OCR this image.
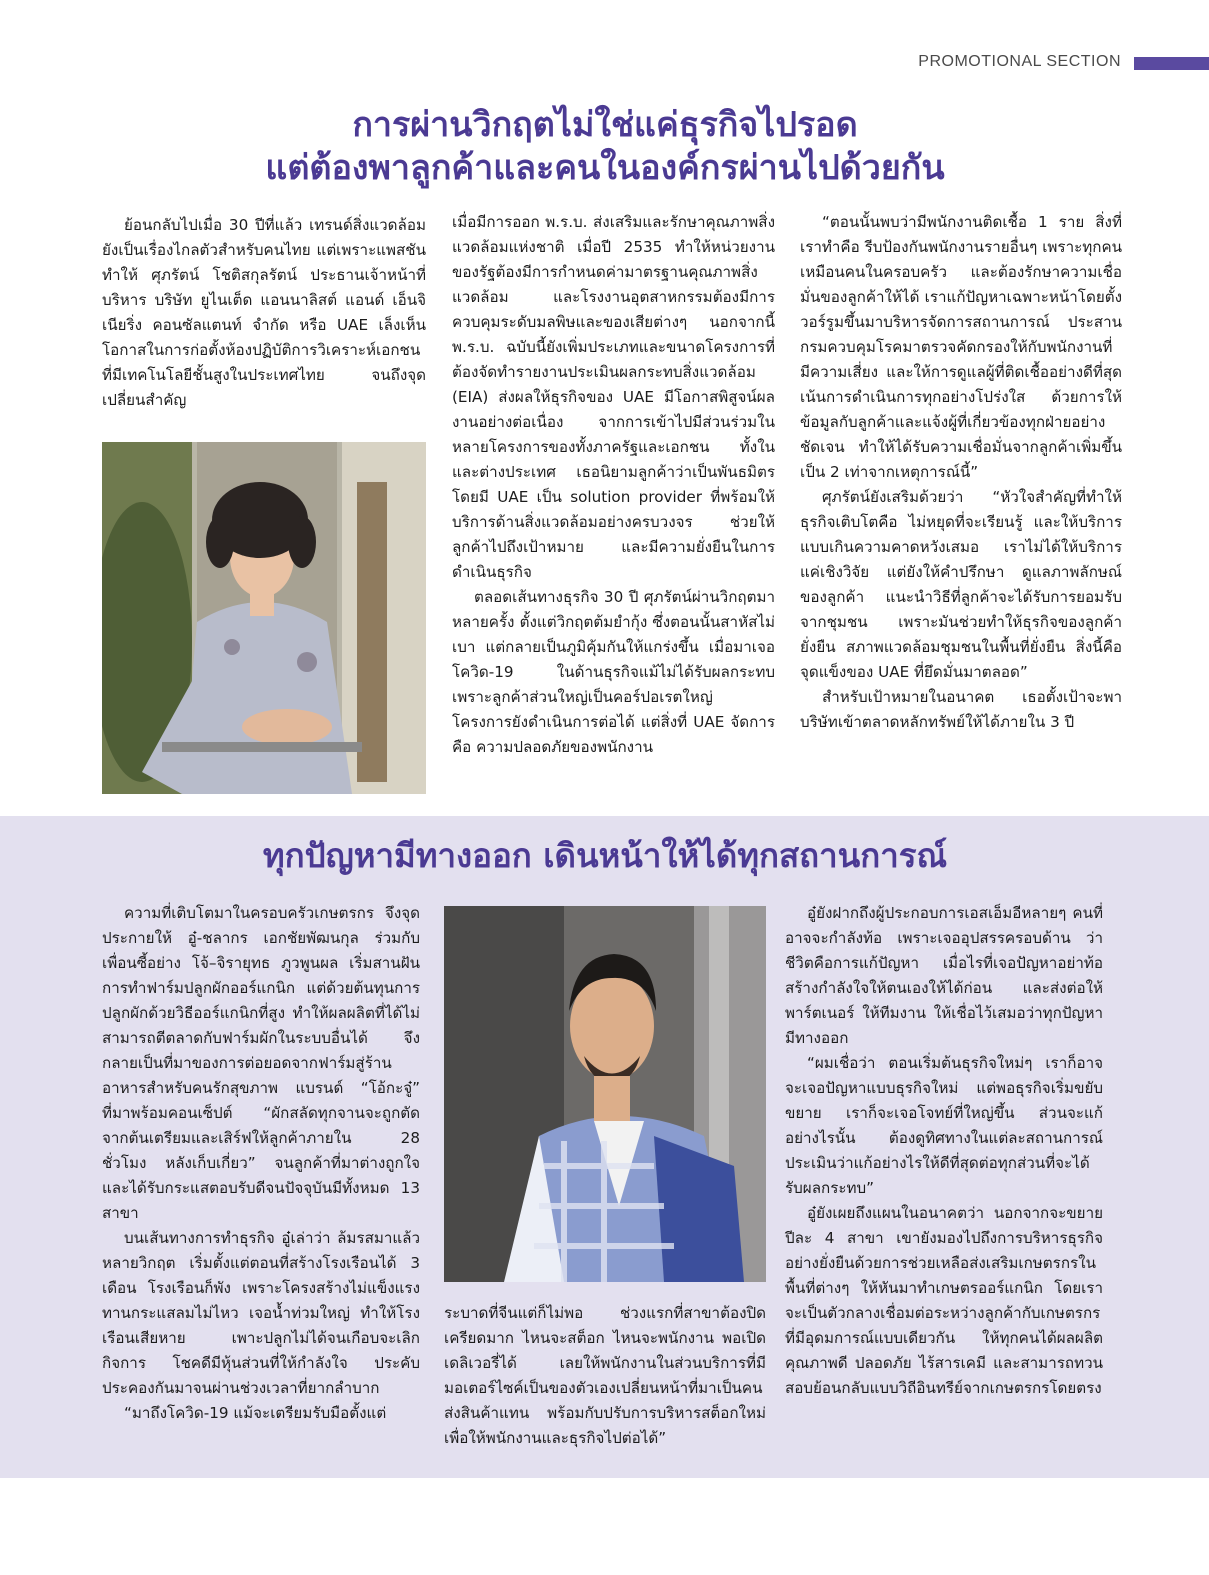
PROMOTIONAL SECTION
การผ่านวิกฤตไม่ใช่แค่ธุรกิจไปรอด
แต่ต้องพาลูกค้าและคนในองค์กรผ่านไปด้วยกัน

ย้อนกลับไปเมื่อ 30 ปีที่แล้ว เทรนด์สิ่งแวดล้อมยังเป็นเรื่องไกลตัวสำหรับคนไทย แต่เพราะแพสชันทำให้ ศุภรัตน์ โชติสกุลรัตน์ ประธานเจ้าหน้าที่บริหาร บริษัท ยูไนเต็ด แอนนาลิสต์ แอนด์ เอ็นจิเนียริ่ง คอนซัลแตนท์ จำกัด หรือ UAE เล็งเห็นโอกาสในการก่อตั้งห้องปฏิบัติการวิเคราะห์เอกชนที่มีเทคโนโลยีชั้นสูงในประเทศไทย จนถึงจุดเปลี่ยนสำคัญ

เมื่อมีการออก พ.ร.บ. ส่งเสริมและรักษาคุณภาพสิ่งแวดล้อมแห่งชาติ เมื่อปี 2535 ทำให้หน่วยงานของรัฐต้องมีการกำหนดค่ามาตรฐานคุณภาพสิ่งแวดล้อม และโรงงานอุตสาหกรรมต้องมีการควบคุมระดับมลพิษและของเสียต่างๆ นอกจากนี้ พ.ร.บ. ฉบับนี้ยังเพิ่มประเภทและขนาดโครงการที่ต้องจัดทำรายงานประเมินผลกระทบสิ่งแวดล้อม (EIA) ส่งผลให้ธุรกิจของ UAE มีโอกาสพิสูจน์ผลงานอย่างต่อเนื่อง จากการเข้าไปมีส่วนร่วมในหลายโครงการของทั้งภาครัฐและเอกชน ทั้งในและต่างประเทศ เธอนิยามลูกค้าว่าเป็นพันธมิตร โดยมี UAE เป็น solution provider ที่พร้อมให้บริการด้านสิ่งแวดล้อมอย่างครบวงจร ช่วยให้ลูกค้าไปถึงเป้าหมาย และมีความยั่งยืนในการดำเนินธุรกิจ

ตลอดเส้นทางธุรกิจ 30 ปี ศุภรัตน์ผ่านวิกฤตมาหลายครั้ง ตั้งแต่วิกฤตต้มยำกุ้ง ซึ่งตอนนั้นสาหัสไม่เบา แต่กลายเป็นภูมิคุ้มกันให้แกร่งขึ้น เมื่อมาเจอโควิด-19 ในด้านธุรกิจแม้ไม่ได้รับผลกระทบ เพราะลูกค้าส่วนใหญ่เป็นคอร์ปอเรตใหญ่ โครงการยังดำเนินการต่อได้ แต่สิ่งที่ UAE จัดการคือ ความปลอดภัยของพนักงาน

“ตอนนั้นพบว่ามีพนักงานติดเชื้อ 1 ราย สิ่งที่เราทำคือ รีบป้องกันพนักงานรายอื่นๆ เพราะทุกคนเหมือนคนในครอบครัว และต้องรักษาความเชื่อมั่นของลูกค้าให้ได้ เราแก้ปัญหาเฉพาะหน้าโดยตั้งวอร์รูมขึ้นมาบริหารจัดการสถานการณ์ ประสานกรมควบคุมโรคมาตรวจคัดกรองให้กับพนักงานที่มีความเสี่ยง และให้การดูแลผู้ที่ติดเชื้ออย่างดีที่สุด เน้นการดำเนินการทุกอย่างโปร่งใส ด้วยการให้ข้อมูลกับลูกค้าและแจ้งผู้ที่เกี่ยวข้องทุกฝ่ายอย่างชัดเจน ทำให้ได้รับความเชื่อมั่นจากลูกค้าเพิ่มขึ้นเป็น 2 เท่าจากเหตุการณ์นี้”

ศุภรัตน์ยังเสริมด้วยว่า “หัวใจสำคัญที่ทำให้ธุรกิจเติบโตคือ ไม่หยุดที่จะเรียนรู้ และให้บริการแบบเกินความคาดหวังเสมอ เราไม่ได้ให้บริการแค่เชิงวิจัย แต่ยังให้คำปรึกษา ดูแลภาพลักษณ์ของลูกค้า แนะนำวิธีที่ลูกค้าจะได้รับการยอมรับจากชุมชน เพราะมันช่วยทำให้ธุรกิจของลูกค้ายั่งยืน สภาพแวดล้อมชุมชนในพื้นที่ยั่งยืน สิ่งนี้คือ จุดแข็งของ UAE ที่ยึดมั่นมาตลอด”

สำหรับเป้าหมายในอนาคต เธอตั้งเป้าจะพาบริษัทเข้าตลาดหลักทรัพย์ให้ได้ภายใน 3 ปี

ทุกปัญหามีทางออก เดินหน้าให้ได้ทุกสถานการณ์

ความที่เติบโตมาในครอบครัวเกษตรกร จึงจุดประกายให้ อู๋-ชลากร เอกชัยพัฒนกุล ร่วมกับเพื่อนซี้อย่าง โจ้–จิรายุทธ ภูวพูนผล เริ่มสานฝันการทำฟาร์มปลูกผักออร์แกนิก แต่ด้วยต้นทุนการปลูกผักด้วยวิธีออร์แกนิกที่สูง ทำให้ผลผลิตที่ได้ไม่สามารถตีตลาดกับฟาร์มผักในระบบอื่นได้ จึงกลายเป็นที่มาของการต่อยอดจากฟาร์มสู่ร้านอาหารสำหรับคนรักสุขภาพ แบรนด์ “โอ้กะจู๋” ที่มาพร้อมคอนเซ็ปต์ “ผักสลัดทุกจานจะถูกตัดจากต้นเตรียมและเสิร์ฟให้ลูกค้าภายใน 28 ชั่วโมง หลังเก็บเกี่ยว” จนลูกค้าที่มาต่างถูกใจ และได้รับกระแสตอบรับดีจนปัจจุบันมีทั้งหมด 13 สาขา

บนเส้นทางการทำธุรกิจ อู๋เล่าว่า ล้มรสมาแล้วหลายวิกฤต เริ่มตั้งแต่ตอนที่สร้างโรงเรือนได้ 3 เดือน โรงเรือนก็พัง เพราะโครงสร้างไม่แข็งแรงทานกระแสลมไม่ไหว เจอน้ำท่วมใหญ่ ทำให้โรงเรือนเสียหาย เพาะปลูกไม่ได้จนเกือบจะเลิกกิจการ โชคดีมีหุ้นส่วนที่ให้กำลังใจ ประคับประคองกันมาจนผ่านช่วงเวลาที่ยากลำบาก

“มาถึงโควิด-19 แม้จะเตรียมรับมือตั้งแต่

ระบาดที่จีนแต่ก็ไม่พอ ช่วงแรกที่สาขาต้องปิดเครียดมาก ไหนจะสต็อก ไหนจะพนักงาน พอเปิดเดลิเวอรี่ได้ เลยให้พนักงานในส่วนบริการที่มีมอเตอร์ไซค์เป็นของตัวเองเปลี่ยนหน้าที่มาเป็นคนส่งสินค้าแทน พร้อมกับปรับการบริหารสต็อกใหม่เพื่อให้พนักงานและธุรกิจไปต่อได้”

อู๋ยังฝากถึงผู้ประกอบการเอสเอ็มอีหลายๆ คนที่อาจจะกำลังท้อ เพราะเจออุปสรรครอบด้าน ว่า ชีวิตคือการแก้ปัญหา เมื่อไรที่เจอปัญหาอย่าท้อ สร้างกำลังใจให้ตนเองให้ได้ก่อน และส่งต่อให้พาร์ตเนอร์ ให้ทีมงาน ให้เชื่อไว้เสมอว่าทุกปัญหามีทางออก

“ผมเชื่อว่า ตอนเริ่มต้นธุรกิจใหม่ๆ เราก็อาจจะเจอปัญหาแบบธุรกิจใหม่ แต่พอธุรกิจเริ่มขยับขยาย เราก็จะเจอโจทย์ที่ใหญ่ขึ้น ส่วนจะแก้อย่างไรนั้น ต้องดูทิศทางในแต่ละสถานการณ์ ประเมินว่าแก้อย่างไรให้ดีที่สุดต่อทุกส่วนที่จะได้รับผลกระทบ”

อู๋ยังเผยถึงแผนในอนาคตว่า นอกจากจะขยายปีละ 4 สาขา เขายังมองไปถึงการบริหารธุรกิจอย่างยั่งยืนด้วยการช่วยเหลือส่งเสริมเกษตรกรในพื้นที่ต่างๆ ให้หันมาทำเกษตรออร์แกนิก โดยเราจะเป็นตัวกลางเชื่อมต่อระหว่างลูกค้ากับเกษตรกรที่มีอุดมการณ์แบบเดียวกัน ให้ทุกคนได้ผลผลิตคุณภาพดี ปลอดภัย ไร้สารเคมี และสามารถทวนสอบย้อนกลับแบบวิถีอินทรีย์จากเกษตรกรโดยตรง
